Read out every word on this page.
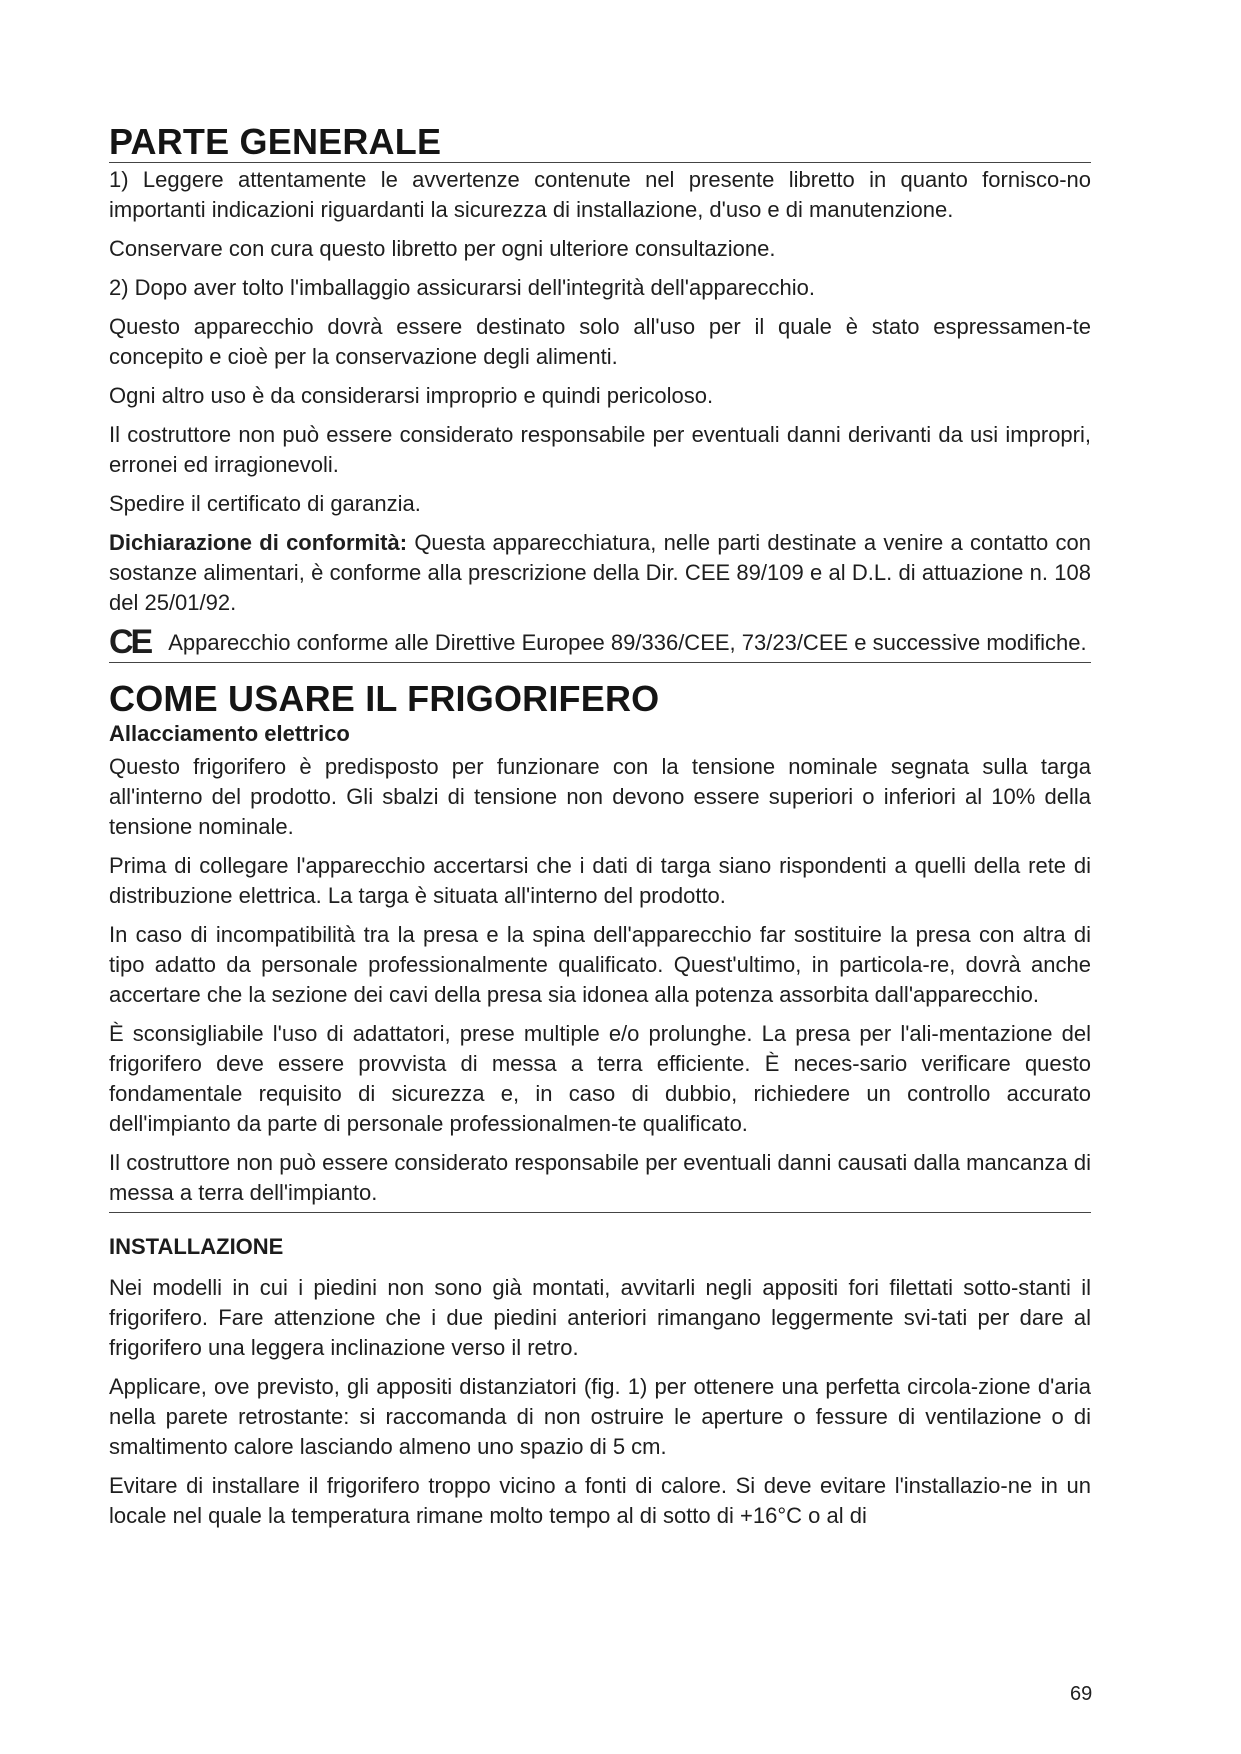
PARTE GENERALE

1) Leggere attentamente le avvertenze contenute nel presente libretto in quanto fornisco-no importanti indicazioni riguardanti la sicurezza di installazione, d'uso e di manutenzione.

Conservare con cura questo libretto per ogni ulteriore consultazione.

2) Dopo aver tolto l'imballaggio assicurarsi dell'integrità dell'apparecchio.

Questo apparecchio dovrà essere destinato solo all'uso per il quale è stato espressamen-te concepito e cioè per la conservazione degli alimenti.

Ogni altro uso è da considerarsi improprio e quindi pericoloso.

Il costruttore non può essere considerato responsabile per eventuali danni derivanti da usi impropri, erronei ed irragionevoli.

Spedire il certificato di garanzia.

Dichiarazione di conformità: Questa apparecchiatura, nelle parti destinate a venire a contatto con sostanze alimentari, è conforme alla prescrizione della Dir. CEE 89/109 e al D.L. di attuazione n. 108 del 25/01/92.

CE Apparecchio conforme alle Direttive Europee 89/336/CEE, 73/23/CEE e successive modifiche.

COME USARE IL FRIGORIFERO
Allacciamento elettrico

Questo frigorifero è predisposto per funzionare con la tensione nominale segnata sulla targa all'interno del prodotto. Gli sbalzi di tensione non devono essere superiori o inferiori al 10% della tensione nominale.

Prima di collegare l'apparecchio accertarsi che i dati di targa siano rispondenti a quelli della rete di distribuzione elettrica. La targa è situata all'interno del prodotto.

In caso di incompatibilità tra la presa e la spina dell'apparecchio far sostituire la presa con altra di tipo adatto da personale professionalmente qualificato. Quest'ultimo, in particola-re, dovrà anche accertare che la sezione dei cavi della presa sia idonea alla potenza assorbita dall'apparecchio.

È sconsigliabile l'uso di adattatori, prese multiple e/o prolunghe. La presa per l'ali-mentazione del frigorifero deve essere provvista di messa a terra efficiente. È neces-sario verificare questo fondamentale requisito di sicurezza e, in caso di dubbio, richiedere un controllo accurato dell'impianto da parte di personale professionalmen-te qualificato.

Il costruttore non può essere considerato responsabile per eventuali danni causati dalla mancanza di messa a terra dell'impianto.

INSTALLAZIONE

Nei modelli in cui i piedini non sono già montati, avvitarli negli appositi fori filettati sotto-stanti il frigorifero. Fare attenzione che i due piedini anteriori rimangano leggermente svi-tati per dare al frigorifero una leggera inclinazione verso il retro.

Applicare, ove previsto, gli appositi distanziatori (fig. 1) per ottenere una perfetta circola-zione d'aria nella parete retrostante: si raccomanda di non ostruire le aperture o fessure di ventilazione o di smaltimento calore lasciando almeno uno spazio di 5 cm.

Evitare di installare il frigorifero troppo vicino a fonti di calore. Si deve evitare l'installazio-ne in un locale nel quale la temperatura rimane molto tempo al di sotto di +16°C o al di

69
